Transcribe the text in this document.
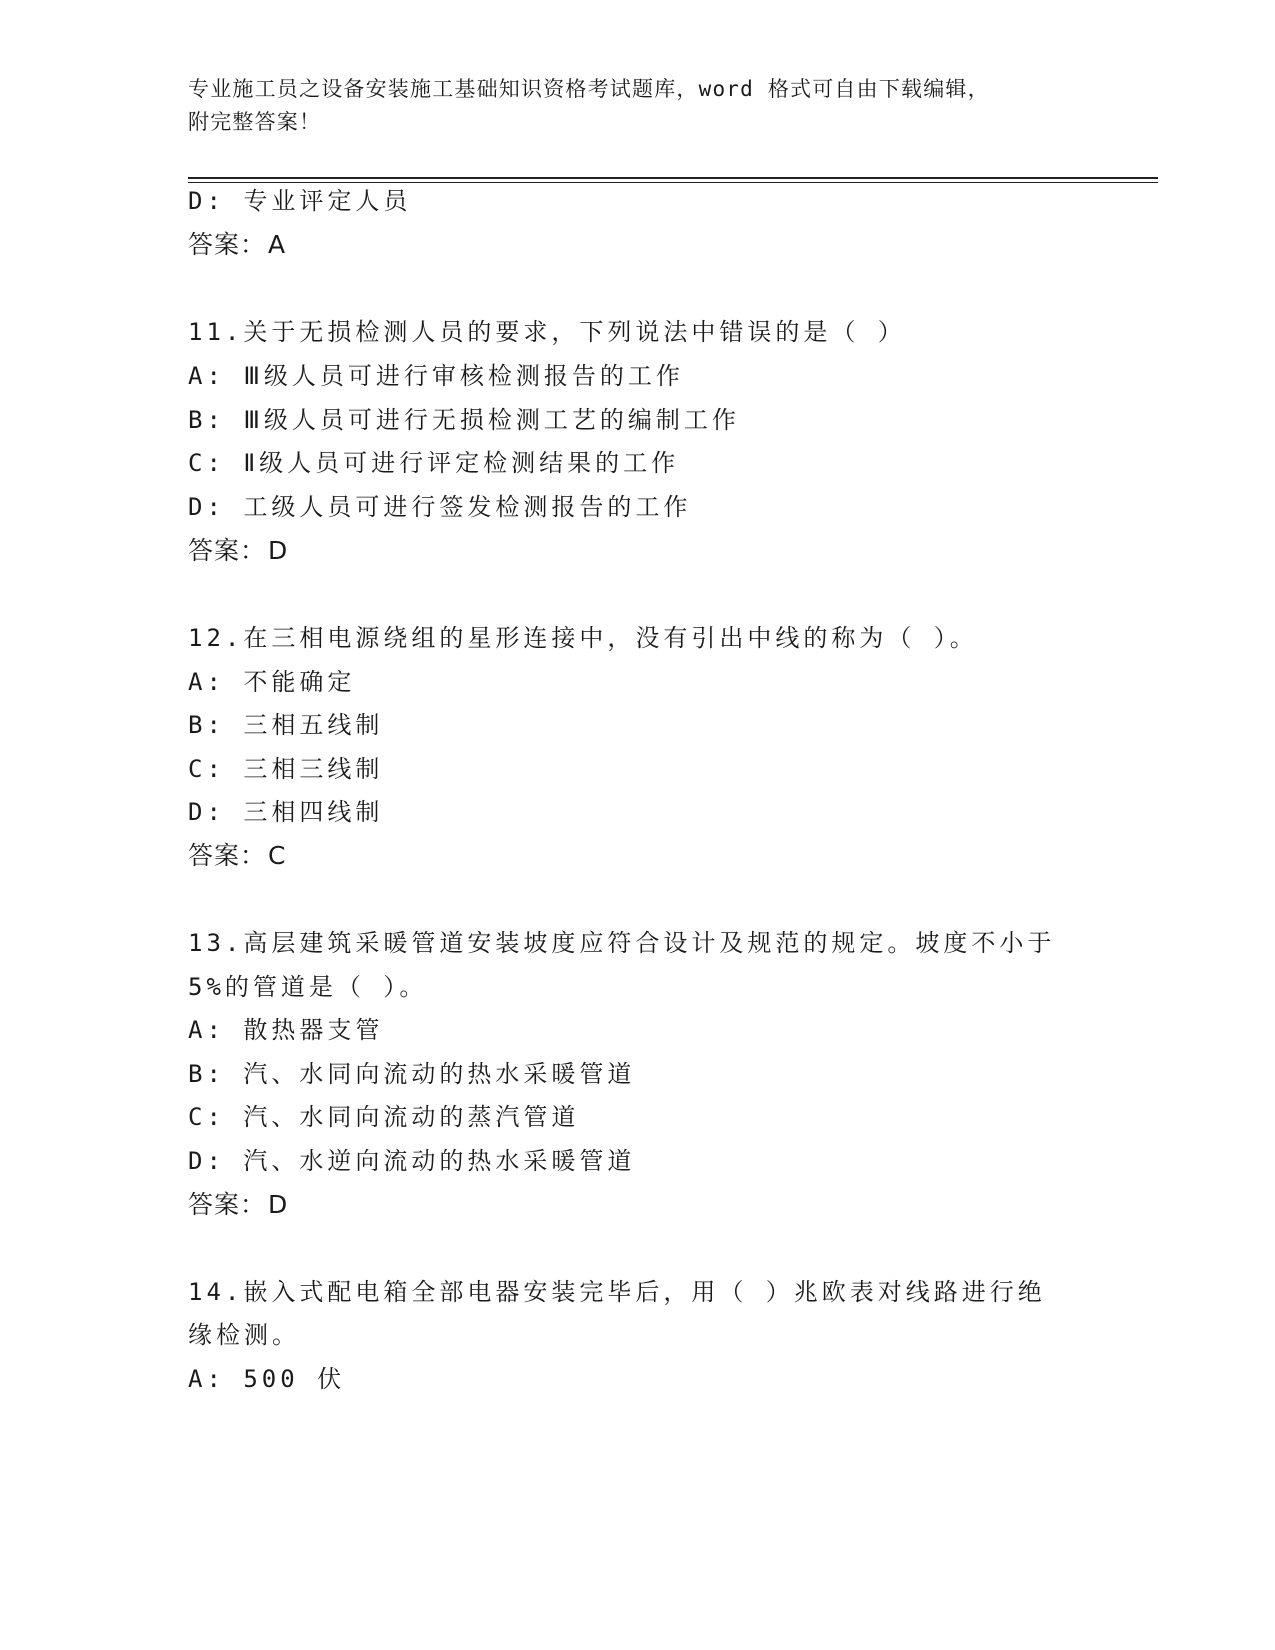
专业施工员之设备安装施工基础知识资格考试题库，word 格式可自由下载编辑，
附完整答案！
D: 专业评定人员
答案：A
11.关于无损检测人员的要求，下列说法中错误的是（ ）
A: Ⅲ级人员可进行审核检测报告的工作
B: Ⅲ级人员可进行无损检测工艺的编制工作
C: Ⅱ级人员可进行评定检测结果的工作
D: 工级人员可进行签发检测报告的工作
答案：D
12.在三相电源绕组的星形连接中，没有引出中线的称为（ ）。
A: 不能确定
B: 三相五线制
C: 三相三线制
D: 三相四线制
答案：C
13.高层建筑采暖管道安装坡度应符合设计及规范的规定。坡度不小于
5%的管道是（ ）。
A: 散热器支管
B: 汽、水同向流动的热水采暖管道
C: 汽、水同向流动的蒸汽管道
D: 汽、水逆向流动的热水采暖管道
答案：D
14.嵌入式配电箱全部电器安装完毕后，用（ ）兆欧表对线路进行绝
缘检测。
A: 500 伏
